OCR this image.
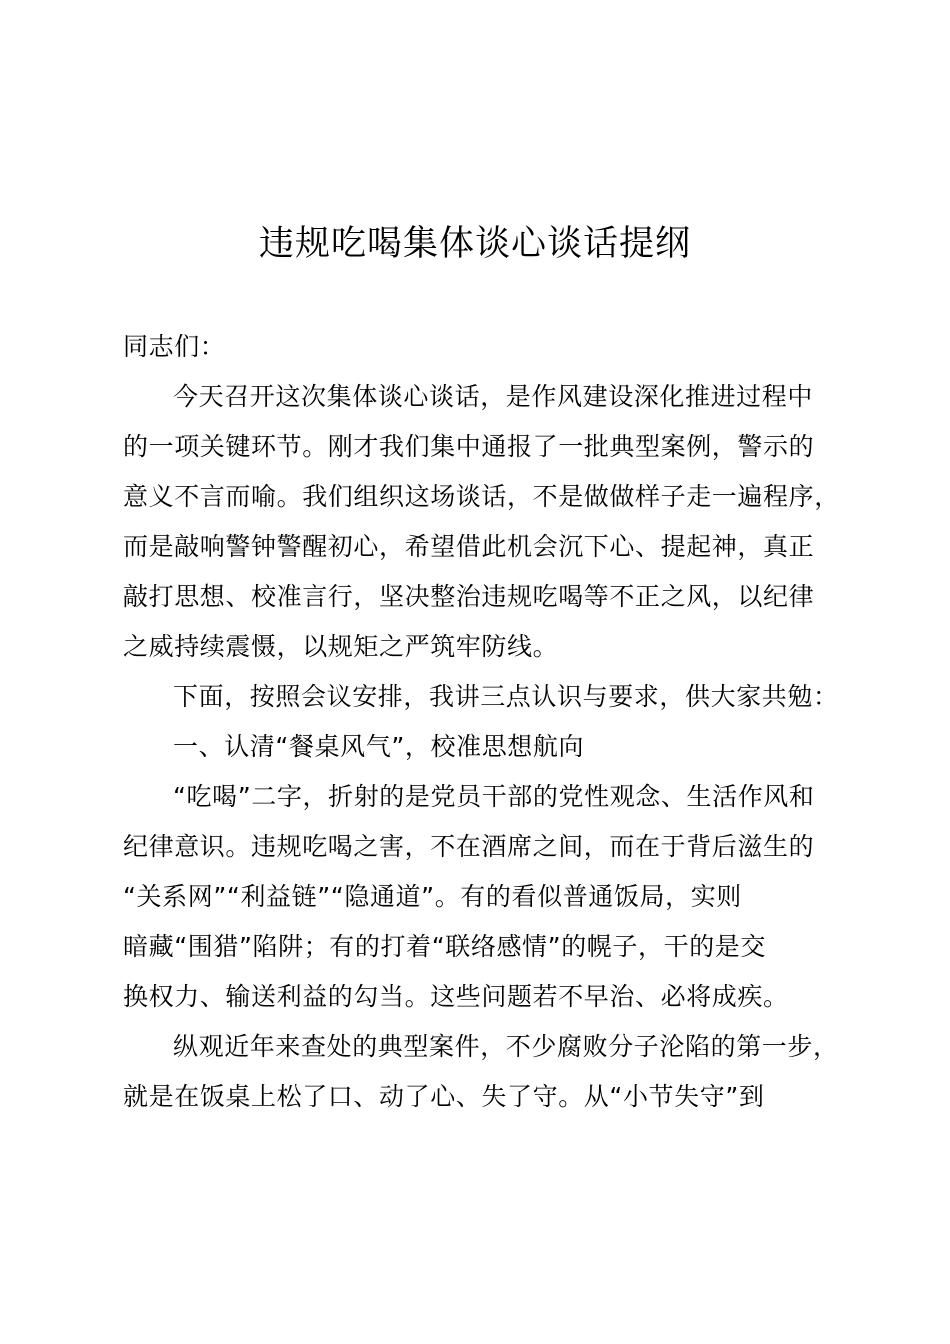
违规吃喝集体谈心谈话提纲
同志们：
今天召开这次集体谈心谈话，是作风建设深化推进过程中
的一项关键环节。刚才我们集中通报了一批典型案例，警示的
意义不言而喻。我们组织这场谈话，不是做做样子走一遍程序，
而是敲响警钟警醒初心，希望借此机会沉下心、提起神，真正
敲打思想、校准言行，坚决整治违规吃喝等不正之风，以纪律
之威持续震慑，以规矩之严筑牢防线。
下面，按照会议安排，我讲三点认识与要求，供大家共勉：
一、认清“餐桌风气”，校准思想航向
“吃喝”二字，折射的是党员干部的党性观念、生活作风和
纪律意识。违规吃喝之害，不在酒席之间，而在于背后滋生的
“关系网”“利益链”“隐通道”。有的看似普通饭局，实则
暗藏“围猎”陷阱；有的打着“联络感情”的幌子，干的是交
换权力、输送利益的勾当。这些问题若不早治、必将成疾。
纵观近年来查处的典型案件，不少腐败分子沦陷的第一步，
就是在饭桌上松了口、动了心、失了守。从“小节失守”到
